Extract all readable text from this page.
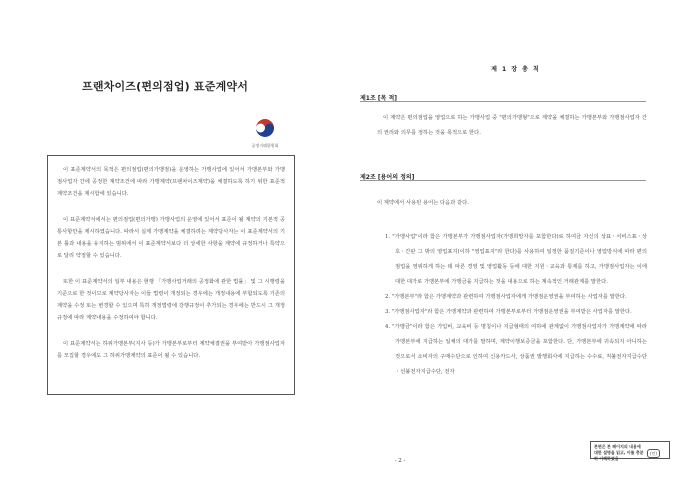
프랜차이즈(편의점업) 표준계약서
공정거래위원회

이 표준계약서의 목적은 편의점업(편의가맹점)을 운영하는 가맹사업에 있어서 가맹본부와 가맹점사업자 간에 공정한 계약조건에 따라 가맹계약(프랜차이즈계약)을 체결하도록 하기 위한 표준적 계약조건을 제시함에 있습니다.

이 표준계약서에서는 편의점업(편의가맹) 가맹사업의 운영에 있어서 표준이 될 계약의 기본적 공통사항만을 제시하였습니다. 따라서 실제 가맹계약을 체결하려는 계약당사자는 이 표준계약서의 기본 틀과 내용을 유지하는 범위에서 이 표준계약서보다 더 상세한 사항을 계약에 규정하거나 특약으로 달리 약정할 수 있습니다.

또한 이 표준계약서의 일부 내용은 현행 「가맹사업거래의 공정화에 관한 법률」 및 그 시행령을 기준으로 한 것이므로 계약당사자는 이들 법령이 개정되는 경우에는 개정내용에 부합되도록 기존의 계약을 수정 또는 변경할 수 있으며 특히 개정법령에 강행규정이 추가되는 경우에는 반드시 그 개정규정에 따라 계약내용을 수정하여야 합니다.

이 표준계약서는 하위가맹본부(지사 등)가 가맹본부로부터 계약체결권을 부여받아 가맹점사업자를 모집할 경우에도 그 하위가맹계약의 표준이 될 수 있습니다.

제 1 장 총 칙
제1조 [목 적]
이 계약은 편의점업을 영업으로 하는 가맹사업 중 "편의가맹형"으로 계약을 체결하는 가맹본부와 가맹점사업자 간의 권리와 의무를 정하는 것을 목적으로 한다.
제2조 [용어의 정의]
이 계약에서 사용된 용어는 다음과 같다.
1. "가맹사업"이라 함은 가맹본부가 가맹점사업자(가맹희망자를 포함한다)로 하여금 자신의 상표ㆍ서비스표ㆍ상호ㆍ간판 그 밖의 영업표지(이하 "영업표지"라 한다)를 사용하여 일정한 품질기준이나 영업방식에 따라 편의점업을 영위하게 하는 데 따른 경영 및 영업활동 등에 대한 지원ㆍ교육과 통제를 하고, 가맹점사업자는 이에 대한 대가로 가맹본부에 가맹금을 지급하는 것을 내용으로 하는 계속적인 거래관계를 말한다.
2. "가맹본부"라 함은 가맹계약과 관련하여 가맹점사업자에게 가맹점운영권을 부여하는 사업자를 말한다.
3. "가맹점사업자"라 함은 가맹계약과 관련하여 가맹본부로부터 가맹점운영권을 부여받은 사업자를 말한다.
4. "가맹금"이라 함은 가입비, 교육비 등 명칭이나 지급형태의 여하에 관계없이 가맹점사업자가 가맹계약에 따라 가맹본부에 지급하는 일체의 대가를 말하며, 계약이행보증금을 포함한다. 단, 가맹본부에 귀속되지 아니하는 것으로서 소비자의 구매수단으로 인하여 신용카드사, 상품권 발행회사에 지급하는 수수료, 직불전자지급수단ㆍ선불전자지급수단, 전자
본면은 본 페이지의 내용에 대한 설명을 읽고, 이를 충분히 이해하였음(인)
- 2 -
